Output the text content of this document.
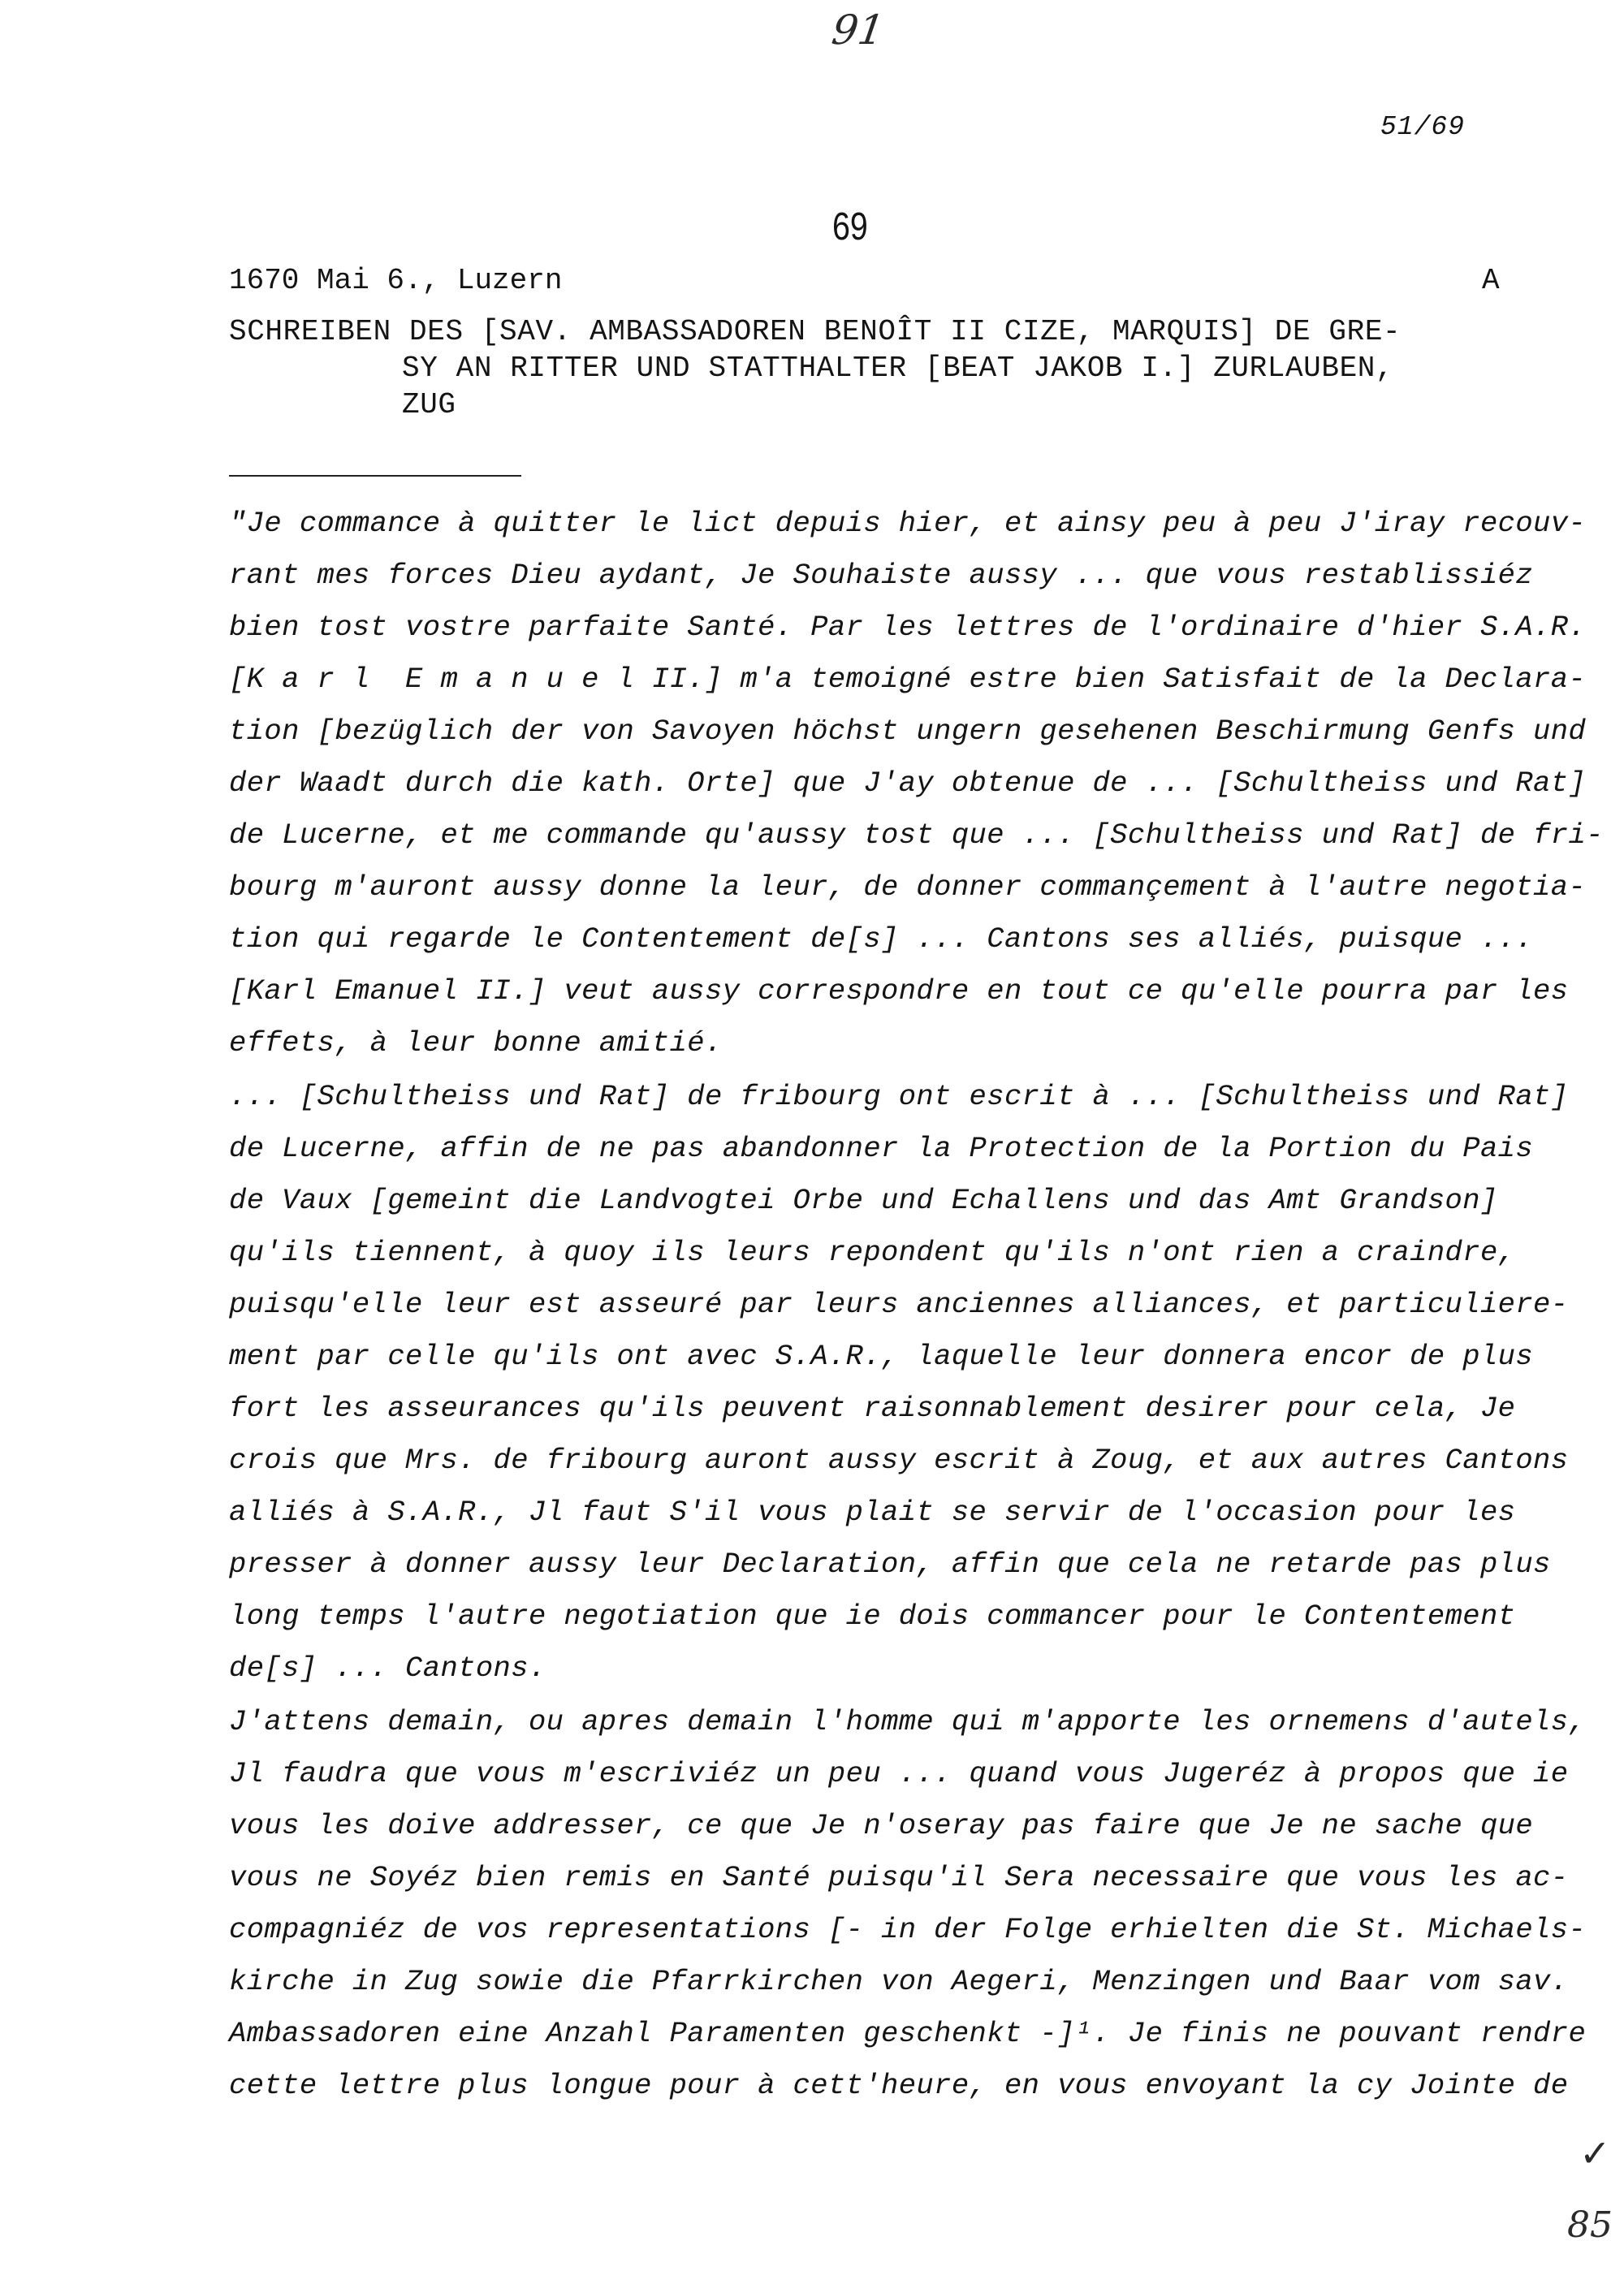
91
51/69
69
1670 Mai 6., Luzern	A
SCHREIBEN DES [SAV. AMBASSADOREN BENOÎT II CIZE, MARQUIS] DE GRE-
SY AN RITTER UND STATTHALTER [BEAT JAKOB I.] ZURLAUBEN,
ZUG
"Je commance à quitter le lict depuis hier, et ainsy peu à peu J'iray recouv-
rant mes forces Dieu aydant, Je Souhaiste aussy ... que vous restablissiéz
bien tost vostre parfaite Santé. Par les lettres de l'ordinaire d'hier S.A.R.
[K a r l  E m a n u e l II.] m'a temoigné estre bien Satisfait de la Declara-
tion [bezüglich der von Savoyen höchst ungern gesehenen Beschirmung Genfs und
der Waadt durch die kath. Orte] que J'ay obtenue de ... [Schultheiss und Rat]
de Lucerne, et me commande qu'aussy tost que ... [Schultheiss und Rat] de fri-
bourg m'auront aussy donne la leur, de donner commançement à l'autre negotia-
tion qui regarde le Contentement de[s] ... Cantons ses alliés, puisque ...
[Karl Emanuel II.] veut aussy correspondre en tout ce qu'elle pourra par les
effets, à leur bonne amitié.
... [Schultheiss und Rat] de fribourg ont escrit à ... [Schultheiss und Rat]
de Lucerne, affin de ne pas abandonner la Protection de la Portion du Pais
de Vaux [gemeint die Landvogtei Orbe und Echallens und das Amt Grandson]
qu'ils tiennent, à quoy ils leurs repondent qu'ils n'ont rien a craindre,
puisqu'elle leur est asseuré par leurs anciennes alliances, et particuliere-
ment par celle qu'ils ont avec S.A.R., laquelle leur donnera encor de plus
fort les asseurances qu'ils peuvent raisonnablement desirer pour cela, Je
crois que Mrs. de fribourg auront aussy escrit à Zoug, et aux autres Cantons
alliés à S.A.R., Jl faut S'il vous plait se servir de l'occasion pour les
presser à donner aussy leur Declaration, affin que cela ne retarde pas plus
long temps l'autre negotiation que ie dois commancer pour le Contentement
de[s] ... Cantons.
J'attens demain, ou apres demain l'homme qui m'apporte les ornemens d'autels,
Jl faudra que vous m'escriviéz un peu ... quand vous Jugeréz à propos que ie
vous les doive addresser, ce que Je n'oseray pas faire que Je ne sache que
vous ne Soyéz bien remis en Santé puisqu'il Sera necessaire que vous les ac-
compagniéz de vos representations [- in der Folge erhielten die St. Michaels-
kirche in Zug sowie die Pfarrkirchen von Aegeri, Menzingen und Baar vom sav.
Ambassadoren eine Anzahl Paramenten geschenkt -]¹. Je finis ne pouvant rendre
cette lettre plus longue pour à cett'heure, en vous envoyant la cy Jointe de
✓
85
